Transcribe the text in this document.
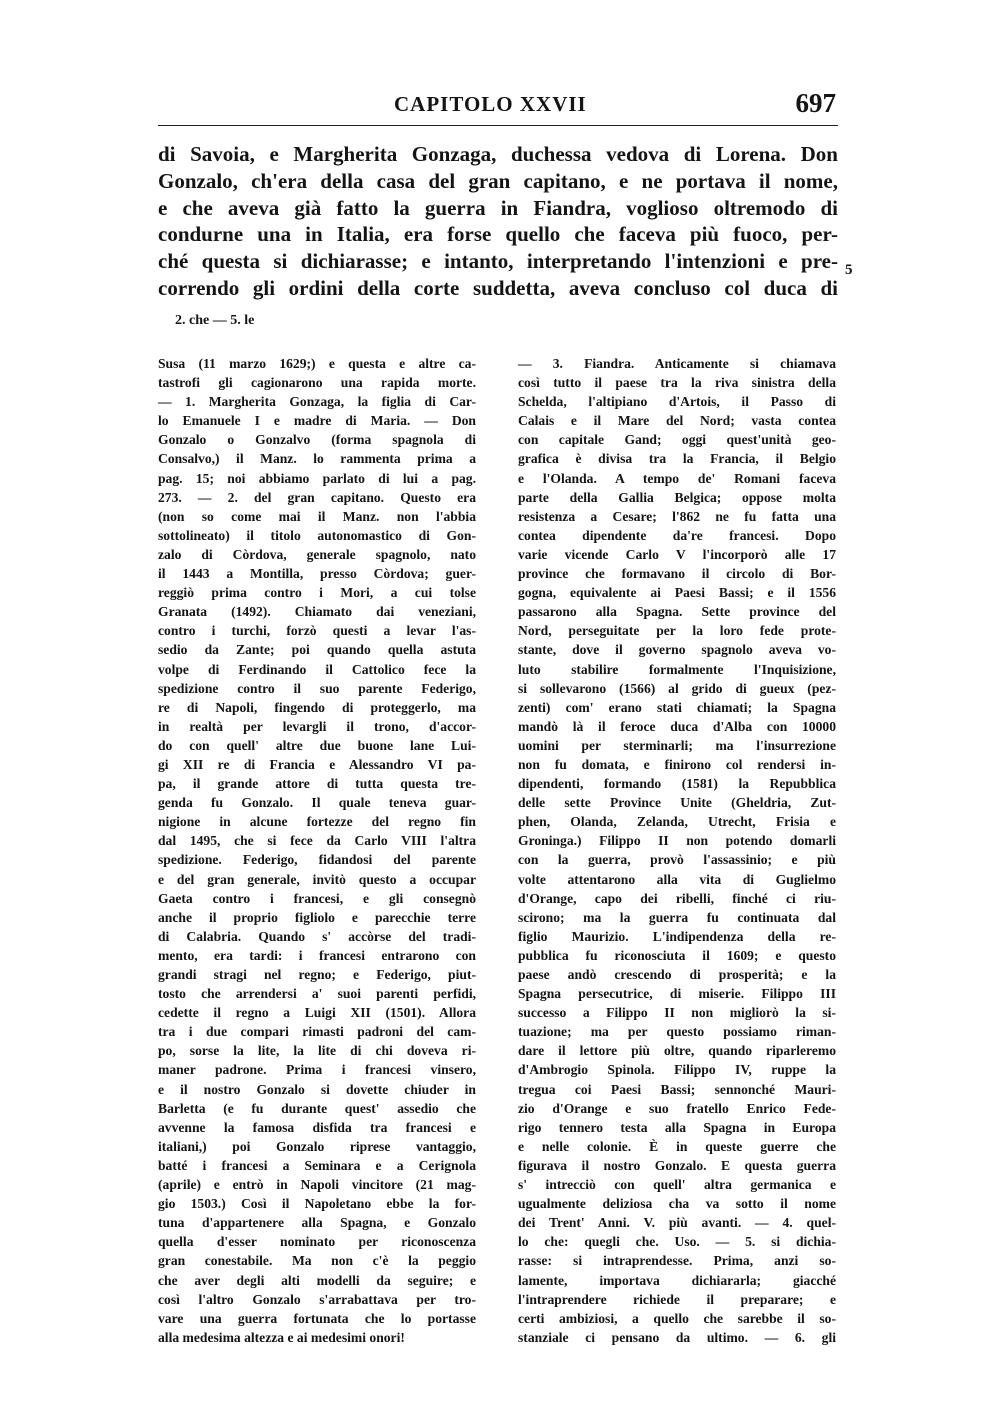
CAPITOLO XXVII	697
di Savoia, e Margherita Gonzaga, duchessa vedova di Lorena. Don
Gonzalo, ch'era della casa del gran capitano, e ne portava il nome,
e che aveva già fatto la guerra in Fiandra, voglioso oltremodo di
condurne una in Italia, era forse quello che faceva più fuoco, per-
ché questa si dichiarasse; e intanto, interpretando l'intenzioni e pre-
correndo gli ordini della corte suddetta, aveva concluso col duca di
5
2. che — 5. le
Susa (11 marzo 1629;) e questa e altre ca-
tastrofi gli cagionarono una rapida morte.
— 1. Margherita Gonzaga, la figlia di Car-
lo Emanuele I e madre di Maria. — Don
Gonzalo o Gonzalvo (forma spagnola di
Consalvo,) il Manz. lo rammenta prima a
pag. 15; noi abbiamo parlato di lui a pag.
273. — 2. del gran capitano. Questo era
(non so come mai il Manz. non l'abbia
sottolineato) il titolo autonomastico di Gon-
zalo di Còrdova, generale spagnolo, nato
il 1443 a Montilla, presso Còrdova; guer-
reggiò prima contro i Mori, a cui tolse
Granata (1492). Chiamato dai veneziani,
contro i turchi, forzò questi a levar l'as-
sedio da Zante; poi quando quella astuta
volpe di Ferdinando il Cattolico fece la
spedizione contro il suo parente Federigo,
re di Napoli, fingendo di proteggerlo, ma
in realtà per levargli il trono, d'accor-
do con quell' altre due buone lane Lui-
gi XII re di Francia e Alessandro VI pa-
pa, il grande attore di tutta questa tre-
genda fu Gonzalo. Il quale teneva guar-
nigione in alcune fortezze del regno fin
dal 1495, che si fece da Carlo VIII l'altra
spedizione. Federigo, fidandosi del parente
e del gran generale, invitò questo a occupar
Gaeta contro i francesi, e gli consegnò
anche il proprio figliolo e parecchie terre
di Calabria. Quando s' accòrse del tradi-
mento, era tardi: i francesi entrarono con
grandi stragi nel regno; e Federigo, piut-
tosto che arrendersi a' suoi parenti perfidi,
cedette il regno a Luigi XII (1501). Allora
tra i due compari rimasti padroni del cam-
po, sorse la lite, la lite di chi doveva ri-
maner padrone. Prima i francesi vinsero,
e il nostro Gonzalo si dovette chiuder in
Barletta (e fu durante quest' assedio che
avvenne la famosa disfida tra francesi e
italiani,) poi Gonzalo riprese vantaggio,
batté i francesi a Seminara e a Cerignola
(aprile) e entrò in Napoli vincitore (21 mag-
gio 1503.) Così il Napoletano ebbe la for-
tuna d'appartenere alla Spagna, e Gonzalo
quella d'esser nominato per riconoscenza
gran conestabile. Ma non c'è la peggio
che aver degli alti modelli da seguire; e
così l'altro Gonzalo s'arrabattava per tro-
vare una guerra fortunata che lo portasse
alla medesima altezza e ai medesimi onori!
— 3. Fiandra. Anticamente si chiamava
così tutto il paese tra la riva sinistra della
Schelda, l'altipiano d'Artois, il Passo di
Calais e il Mare del Nord; vasta contea
con capitale Gand; oggi quest'unità geo-
grafica è divisa tra la Francia, il Belgio
e l'Olanda. A tempo de' Romani faceva
parte della Gallia Belgica; oppose molta
resistenza a Cesare; l'862 ne fu fatta una
contea dipendente da're francesi. Dopo
varie vicende Carlo V l'incorporò alle 17
province che formavano il circolo di Bor-
gogna, equivalente ai Paesi Bassi; e il 1556
passarono alla Spagna. Sette province del
Nord, perseguitate per la loro fede prote-
stante, dove il governo spagnolo aveva vo-
luto stabilire formalmente l'Inquisizione,
si sollevarono (1566) al grido di gueux (pez-
zenti) com' erano stati chiamati; la Spagna
mandò là il feroce duca d'Alba con 10000
uomini per sterminarli; ma l'insurrezione
non fu domata, e finirono col rendersi in-
dipendenti, formando (1581) la Repubblica
delle sette Province Unite (Gheldria, Zut-
phen, Olanda, Zelanda, Utrecht, Frisia e
Groninga.) Filippo II non potendo domarli
con la guerra, provò l'assassinio; e più
volte attentarono alla vita di Guglielmo
d'Orange, capo dei ribelli, finché ci riu-
scirono; ma la guerra fu continuata dal
figlio Maurizio. L'indipendenza della re-
pubblica fu riconosciuta il 1609; e questo
paese andò crescendo di prosperità; e la
Spagna persecutrice, di miserie. Filippo III
successo a Filippo II non migliorò la si-
tuazione; ma per questo possiamo riman-
dare il lettore più oltre, quando riparleremo
d'Ambrogio Spinola. Filippo IV, ruppe la
tregua coi Paesi Bassi; sennonché Mauri-
zio d'Orange e suo fratello Enrico Fede-
rigo tennero testa alla Spagna in Europa
e nelle colonie. È in queste guerre che
figurava il nostro Gonzalo. E questa guerra
s' intrecciò con quell' altra germanica e
ugualmente deliziosa cha va sotto il nome
dei Trent' Anni. V. più avanti. — 4. quel-
lo che: quegli che. Uso. — 5. si dichia-
rasse: si intraprendesse. Prima, anzi so-
lamente, importava dichiararla; giacché
l'intraprendere richiede il preparare; e
certi ambiziosi, a quello che sarebbe il so-
stanziale ci pensano da ultimo. — 6. gli
